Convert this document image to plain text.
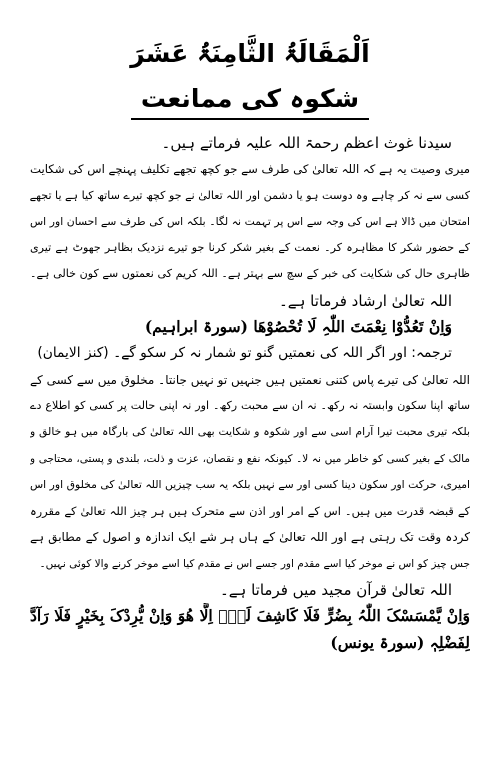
اَلْمَقَالَۃُ الثَّامِنَۃُ عَشَرَ
شکوہ کی ممانعت
سیدنا غوث اعظم رحمۃ اللہ علیہ فرماتے ہیں۔
میری وصیت یہ ہے کہ اللہ تعالیٰ کی طرف سے جو کچھ تجھے تکلیف پہنچے اس کی شکایت
کسی سے نہ کر چاہے وہ دوست ہو یا دشمن اور اللہ تعالیٰ نے جو کچھ تیرے ساتھ کیا ہے یا تجھے
امتحان میں ڈالا ہے اس کی وجہ سے اس پر تہمت نہ لگا۔ بلکہ اس کی طرف سے احسان اور اس
کے حضور شکر کا مظاہرہ کر۔ نعمت کے بغیر شکر کرنا جو تیرے نزدیک بظاہر جھوٹ ہے تیری
ظاہری حال کی شکایت کی خبر کے سچ سے بہتر ہے۔ اللہ کریم کی نعمتوں سے کون خالی ہے۔
اللہ تعالیٰ ارشاد فرماتا ہے۔
وَاِنْ تَعُدُّوْا نِعْمَتَ اللّٰہِ لَا تُحْصُوْھَا (سورۃ ابراہیم)
ترجمہ: اور اگر اللہ کی نعمتیں گنو تو شمار نہ کر سکو گے۔ (کنز الایمان)
اللہ تعالیٰ کی تیرے پاس کتنی نعمتیں ہیں جنہیں تو نہیں جانتا۔ مخلوق میں سے کسی کے
ساتھ اپنا سکون وابستہ نہ رکھ۔ نہ ان سے محبت رکھ۔ اور نہ اپنی حالت پر کسی کو اطلاع دے
بلکہ تیری محبت تیرا آرام اسی سے اور شکوہ و شکایت بھی اللہ تعالیٰ کی بارگاہ میں ہو خالق و
مالک کے بغیر کسی کو خاطر میں نہ لا۔ کیونکہ نفع و نقصان، عزت و ذلت، بلندی و پستی، محتاجی و
امیری، حرکت اور سکون دینا کسی اور سے نہیں بلکہ یہ سب چیزیں اللہ تعالیٰ کی مخلوق اور اس
کے قبضہ قدرت میں ہیں۔ اس کے امر اور اذن سے متحرک ہیں ہر چیز اللہ تعالیٰ کے مقررہ
کردہ وقت تک رہتی ہے اور اللہ تعالیٰ کے ہاں ہر شے ایک اندازہ و اصول کے مطابق ہے
جس چیز کو اس نے موخر کیا اسے مقدم اور جسے اس نے مقدم کیا اسے موخر کرنے والا کوئی نہیں۔
اللہ تعالیٰ قرآن مجید میں فرماتا ہے۔
وَاِنْ یَّمْسَسْکَ اللّٰہُ بِضُرٍّ فَلَا کَاشِفَ لَہٗۤ اِلَّا ھُوَ وَاِنْ یُّرِدْکَ بِخَیْرٍ فَلَا رَآدَّ
لِفَضْلِہٖ (سورۃ یونس)
